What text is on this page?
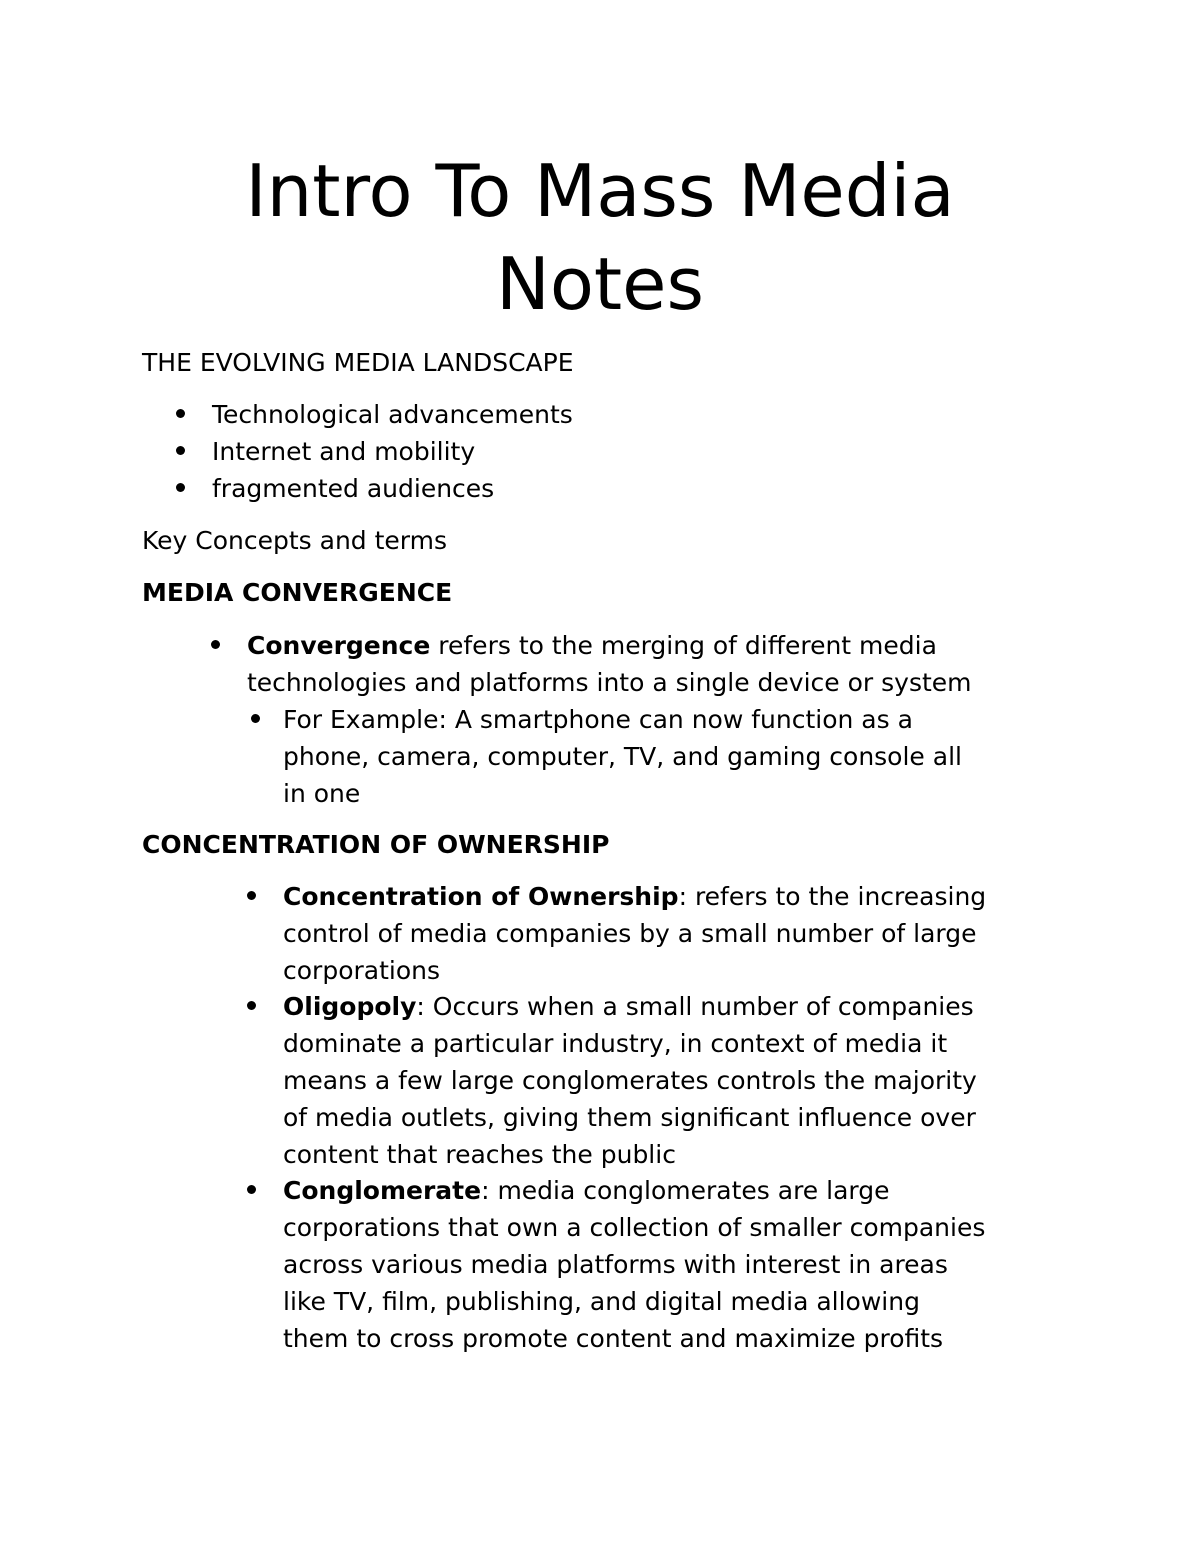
Intro To Mass Media
Notes

THE EVOLVING MEDIA LANDSCAPE

Technological advancements

Internet and mobility

fragmented audiences

Key Concepts and terms

MEDIA CONVERGENCE

Convergence refers to the merging of different media

technologies and platforms into a single device or system

For Example: A smartphone can now function as a

phone, camera, computer, TV, and gaming console all

in one

CONCENTRATION OF OWNERSHIP

Concentration of Ownership: refers to the increasing

control of media companies by a small number of large

corporations

Oligopoly: Occurs when a small number of companies

dominate a particular industry, in context of media it

means a few large conglomerates controls the majority

of media outlets, giving them significant influence over

content that reaches the public

Conglomerate: media conglomerates are large

corporations that own a collection of smaller companies

across various media platforms with interest in areas

like TV, film, publishing, and digital media allowing

them to cross promote content and maximize profits
